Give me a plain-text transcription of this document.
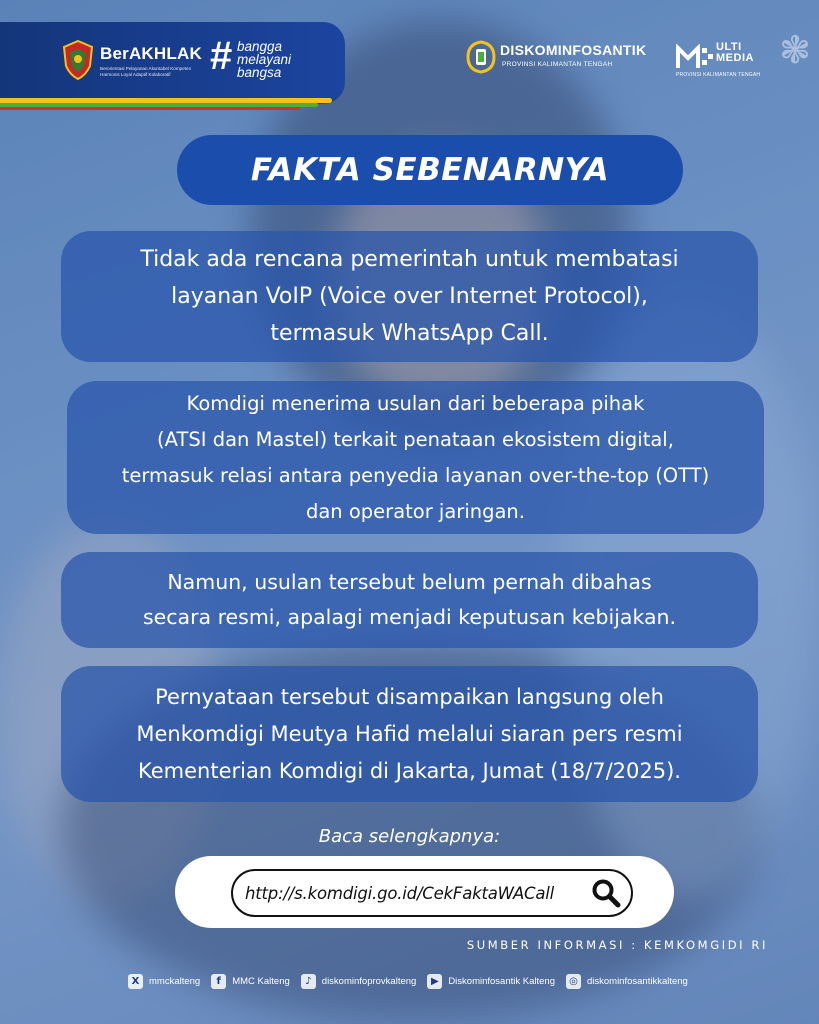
❃
BerAKHLAK
Berorientasi Pelayanan Akuntabel Kompeten Harmonis Loyal Adaptif Kolaboratif # bangga
melayani
bangsa
DISKOMINFOSANTIK
PROVINSI KALIMANTAN TENGAH
ULTI
MEDIA
PROVINSI KALIMANTAN TENGAH
FAKTA SEBENARNYA

Tidak ada rencana pemerintah untuk membatasi
layanan VoIP (Voice over Internet Protocol),
termasuk WhatsApp Call.

Komdigi menerima usulan dari beberapa pihak
(ATSI dan Mastel) terkait penataan ekosistem digital,
termasuk relasi antara penyedia layanan over-the-top (OTT)
dan operator jaringan.

Namun, usulan tersebut belum pernah dibahas
secara resmi, apalagi menjadi keputusan kebijakan.

Pernyataan tersebut disampaikan langsung oleh
Menkomdigi Meutya Hafid melalui siaran pers resmi
Kementerian Komdigi di Jakarta, Jumat (18/7/2025).

Baca selengkapnya:
http://s.komdigi.go.id/CekFaktaWACall
SUMBER INFORMASI : KEMKOMGIDI RI
X	mmckalteng	f	MMC Kalteng	♪	diskominfoprovkalteng	▶	Diskominfosantik Kalteng	◎ diskominfosantikkalteng
